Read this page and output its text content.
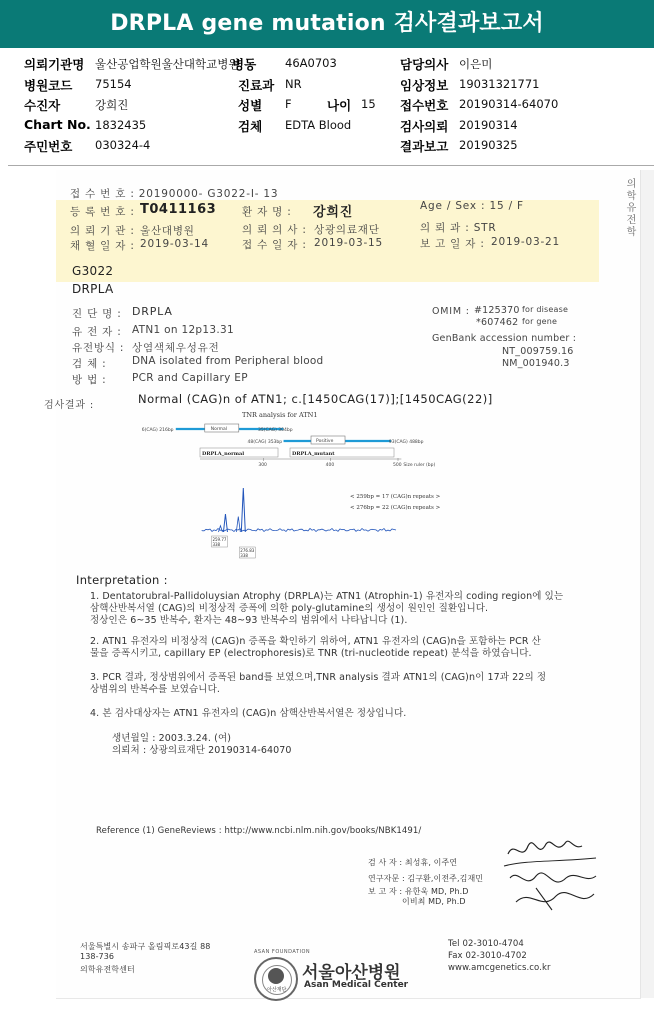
DRPLA gene mutation 검사결과보고서
의뢰기관명 울산공업학원울산대학교병원
병동	46A0703	담당의사 이은미
병원코드 75154	진료과 NR	임상정보 19031321771
수진자	강희진	성별 F	나이 15 접수번호 20190314-64070
Chart No. 1832435	검체 EDTA Blood	검사의뢰 20190314
주민번호 030324-4	결과보고 20190325
접 수 번 호 : 20190000- G3022-I- 13
등 록 번 호 : T0411163 환 자 명 : 강희진	Age / Sex : 15 / F
의 뢰 기 관 : 울산대병원	의 뢰 의 사 : 상광의료재단	의 뢰 과 : STR
채 혈 일 자 : 2019-03-14	접 수 일 자 : 2019-03-15	보 고 일 자 : 2019-03-21
의학유전학
G3022
DRPLA
진 단 명 : DRPLA
유 전 자 : ATN1 on 12p13.31
유전방식 : 상염색체우성유전
검 체 : DNA isolated from Peripheral blood
방 법 : PCR and Capillary EP
OMIM : #125370 for disease
*607462 for gene
GenBank accession number :
NT_009759.16
NM_001940.3
검사결과 :	Normal (CAG)n of ATN1; c.[1450CAG(17)];[1450CAG(22)]
TNR analysis for ATN1
6(CAG) 216bp	Normal	35(CAG) 304bp
48(CAG) 353bp	Positive	93(CAG) 488bp
DRPLA_normal	DRPLA_mutant
300	400	500 Size ruler (bp)
< 259bp = 17 (CAG)n repeats >
< 276bp = 22 (CAG)n repeats >
259.77
338
276.83
338
Interpretation :
1. Dentatorubral-Pallidoluysian Atrophy (DRPLA)는 ATN1 (Atrophin-1) 유전자의 coding region에 있는
삼핵산반복서열 (CAG)의 비정상적 증폭에 의한 poly-glutamine의 생성이 원인인 질환입니다.
정상인은 6~35 반복수, 환자는 48~93 반복수의 범위에서 나타납니다 (1).
2. ATN1 유전자의 비정상적 (CAG)n 증폭을 확인하기 위하여, ATN1 유전자의 (CAG)n을 포함하는 PCR 산
물을 증폭시키고, capillary EP (electrophoresis)로 TNR (tri-nucleotide repeat) 분석을 하였습니다.
3. PCR 결과, 정상범위에서 증폭된 band를 보였으며,TNR analysis 결과 ATN1의 (CAG)n이 17과 22의 정
상범위의 반복수를 보였습니다.
4. 본 검사대상자는 ATN1 유전자의 (CAG)n 삼핵산반복서열은 정상입니다.
생년월일 : 2003.3.24. (여)
의뢰처 : 상광의료재단 20190314-64070
Reference (1) GeneReviews : http://www.ncbi.nlm.nih.gov/books/NBK1491/
검 사 자 : 최성휴, 이주연
연구자문 : 김구환,이전주,김재민
보 고 자 : 유한욱 MD, Ph.D
이비최 MD, Ph.D
서울특별시 송파구 올림픽로43길 88
138-736
의학유전학센터
ASAN FOUNDATION
아산재단
서울아산병원
Asan Medical Center
Tel 02-3010-4704
Fax 02-3010-4702
www.amcgenetics.co.kr
